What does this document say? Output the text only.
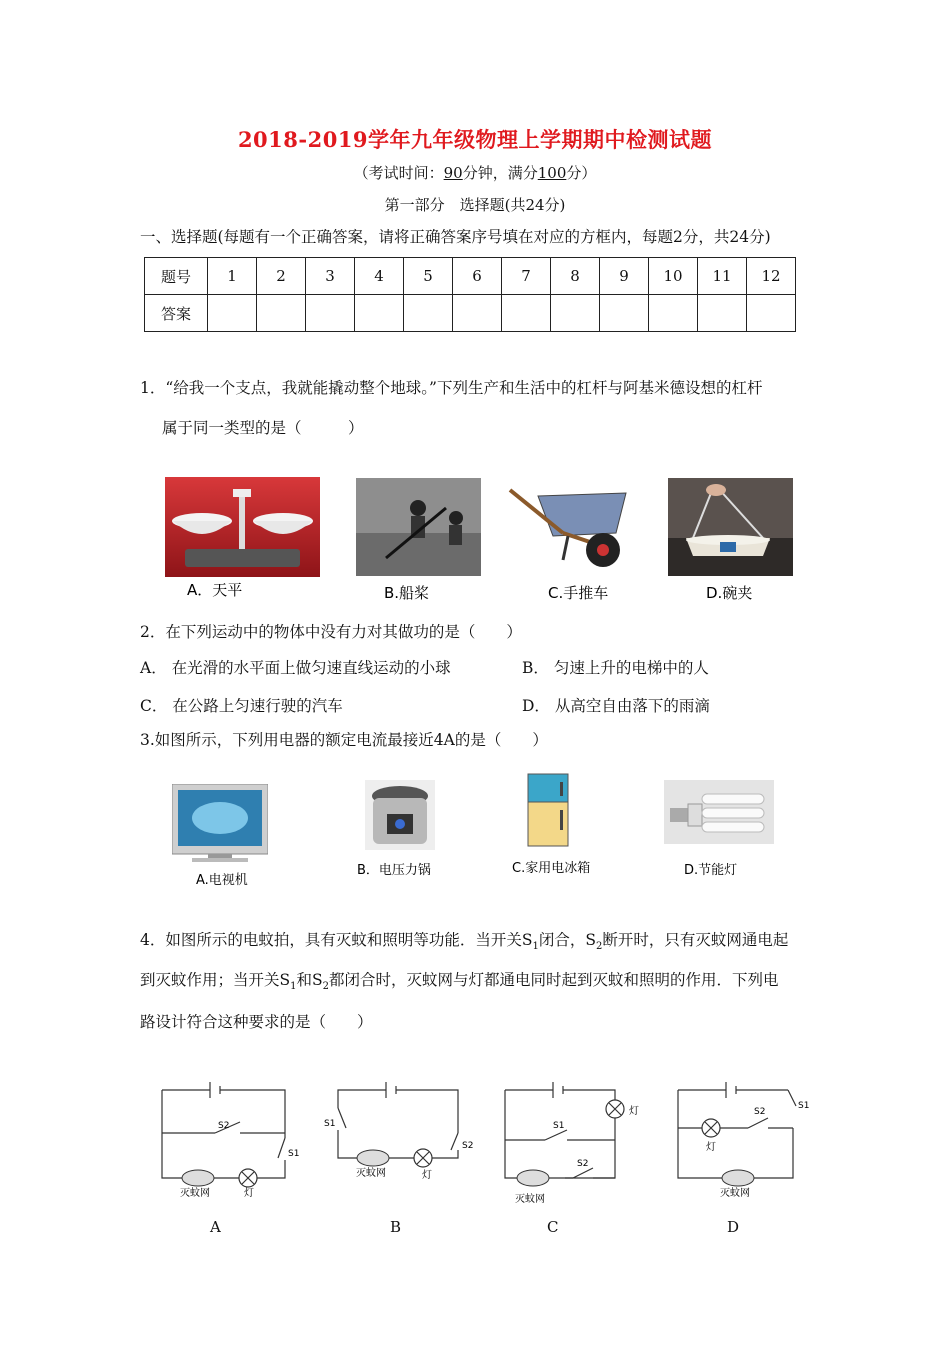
2018-2019学年九年级物理上学期期中检测试题
（考试时间：90分钟，满分100分）
第一部分　选择题(共24分)
一、选择题(每题有一个正确答案，请将正确答案序号填在对应的方框内，每题2分，共24分)
题号	1	2	3	4	5	6	7	8	9	10	11	12
答案												
1．“给我一个支点，我就能撬动整个地球。”下列生产和生活中的杠杆与阿基米德设想的杠杆
属于同一类型的是（　　　）
A．天平	B.船桨	C.手推车	D.碗夹
2．在下列运动中的物体中没有力对其做功的是（　　）
A． 在光滑的水平面上做匀速直线运动的小球	B． 匀速上升的电梯中的人
C． 在公路上匀速行驶的汽车	D． 从高空自由落下的雨滴
3.如图所示，下列用电器的额定电流最接近4A的是（　　）
A.电视机
B．电压力锅	C.家用电冰箱	D.节能灯
4．如图所示的电蚊拍，具有灭蚊和照明等功能．当开关$S_1$闭合，$S_2$断开时，只有灭蚊网通电起
到灭蚊作用；当开关$S_1$和$S_2$都闭合时，灭蚊网与灯都通电同时起到灭蚊和照明的作用．下列电
路设计符合这种要求的是（　　）
S2
S1
灭蚊网	灯
S1
S2
灭蚊网	灯
S1
S2
灯
灭蚊网
S2
S1
灯
灭蚊网
A	B	C	D
